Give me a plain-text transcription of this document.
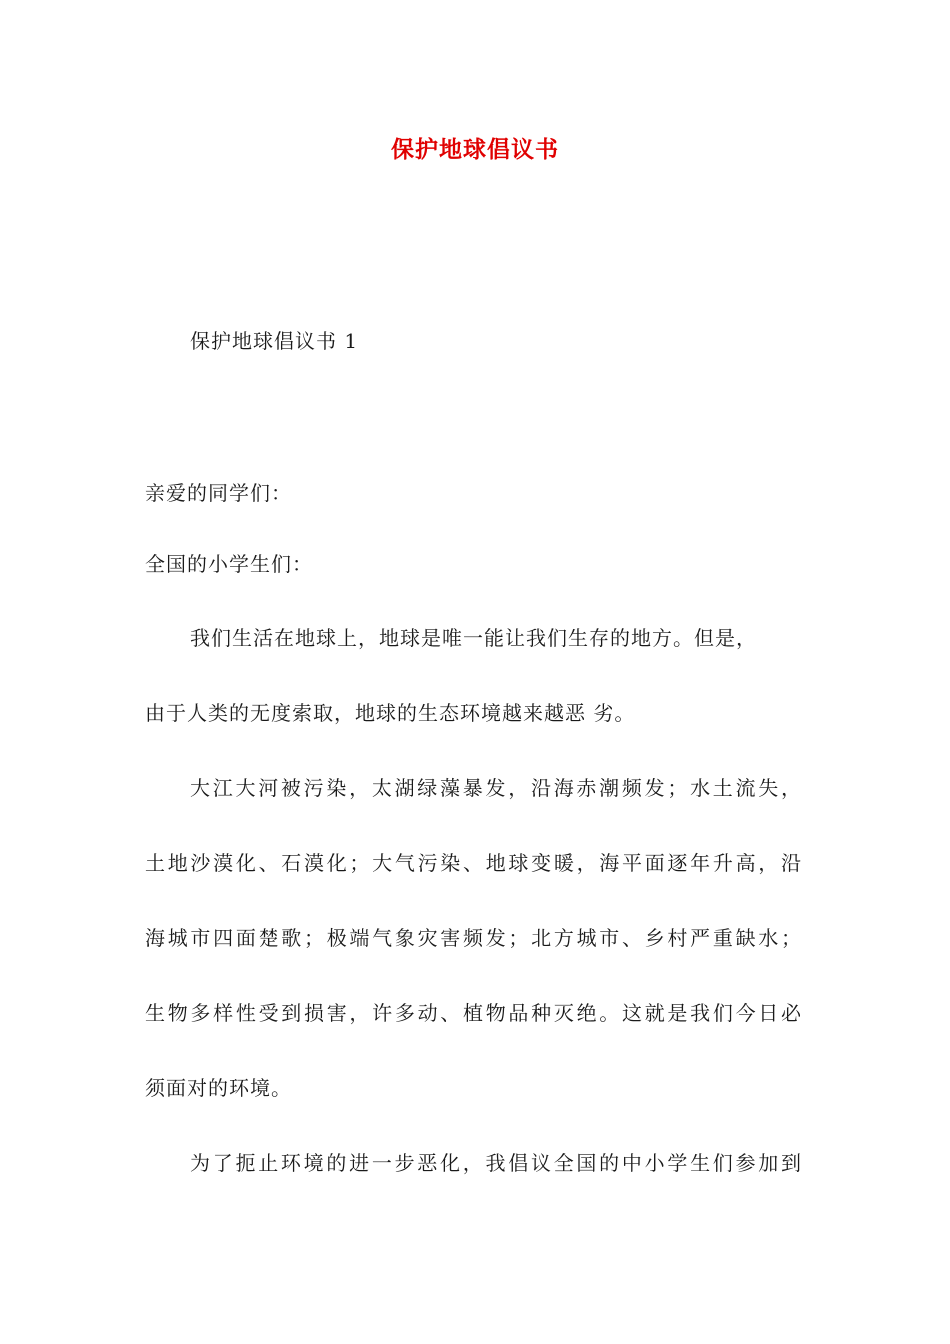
保护地球倡议书
保护地球倡议书 1
亲爱的同学们：
全国的小学生们：
我们生活在地球上，地球是唯一能让我们生存的地方。但是，
由于人类的无度索取，地球的生态环境越来越恶 劣。
大江大河被污染，太湖绿藻暴发，沿海赤潮频发；水土流失，
土地沙漠化、石漠化；大气污染、地球变暖，海平面逐年升高，沿
海城市四面楚歌；极端气象灾害频发；北方城市、乡村严重缺水；
生物多样性受到损害，许多动、植物品种灭绝。这就是我们今日必
须面对的环境。
为了扼止环境的进一步恶化，我倡议全国的中小学生们参加到
